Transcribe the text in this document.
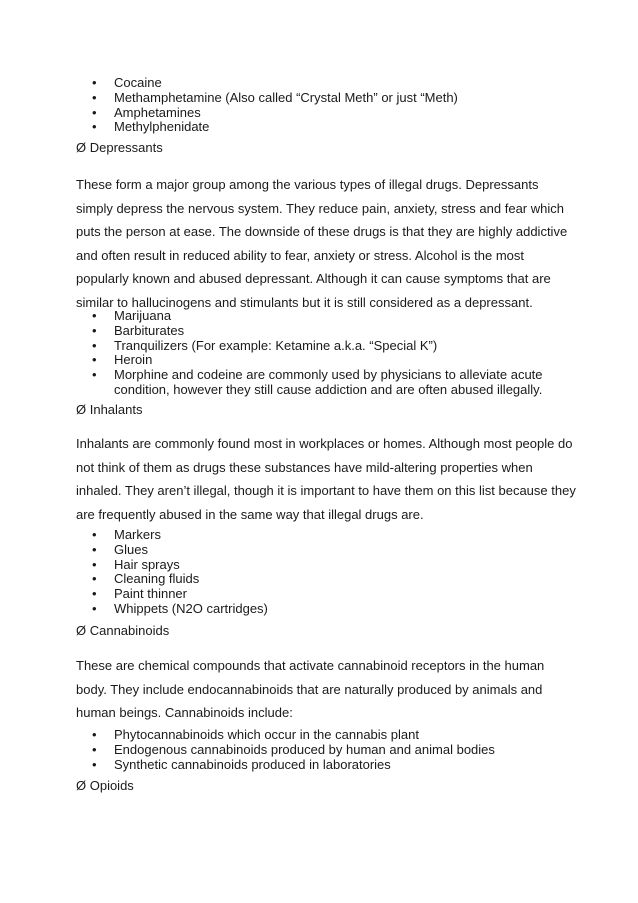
• Cocaine
• Methamphetamine (Also called “Crystal Meth” or just “Meth)
• Amphetamines
• Methylphenidate
Ø Depressants

These form a major group among the various types of illegal drugs. Depressants simply depress the nervous system. They reduce pain, anxiety, stress and fear which puts the person at ease. The downside of these drugs is that they are highly addictive and often result in reduced ability to fear, anxiety or stress. Alcohol is the most popularly known and abused depressant. Although it can cause symptoms that are similar to hallucinogens and stimulants but it is still considered as a depressant.

• Marijuana
• Barbiturates
• Tranquilizers (For example: Ketamine a.k.a. “Special K”)
• Heroin
• Morphine and codeine are commonly used by physicians to alleviate acute condition, however they still cause addiction and are often abused illegally.
Ø Inhalants

Inhalants are commonly found most in workplaces or homes. Although most people do not think of them as drugs these substances have mild-altering properties when inhaled. They aren’t illegal, though it is important to have them on this list because they are frequently abused in the same way that illegal drugs are.

• Markers
• Glues
• Hair sprays
• Cleaning fluids
• Paint thinner
• Whippets (N2O cartridges)
Ø Cannabinoids

These are chemical compounds that activate cannabinoid receptors in the human body. They include endocannabinoids that are naturally produced by animals and human beings. Cannabinoids include:

• Phytocannabinoids which occur in the cannabis plant
• Endogenous cannabinoids produced by human and animal bodies
• Synthetic cannabinoids produced in laboratories
Ø Opioids
